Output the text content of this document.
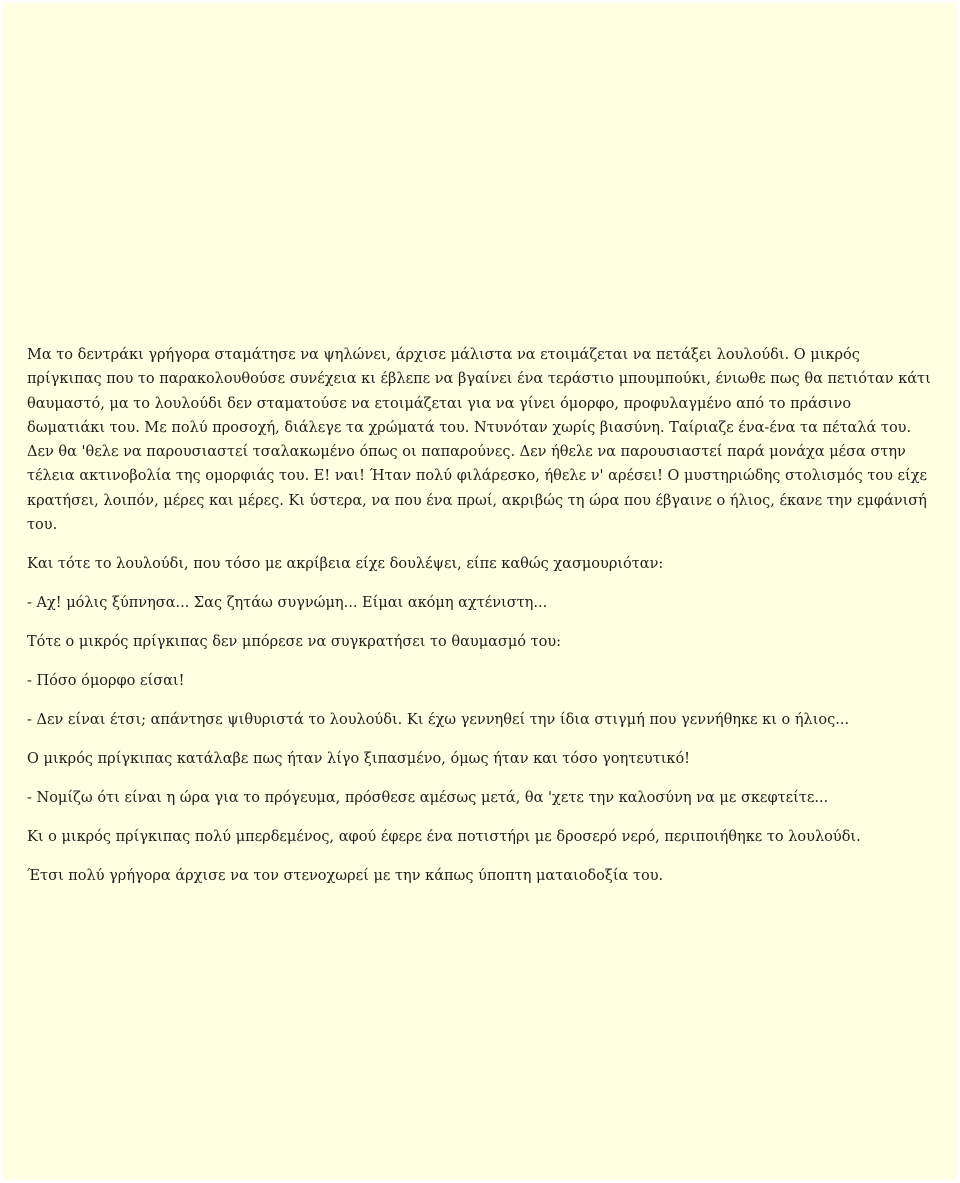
Μα το δεντράκι γρήγορα σταμάτησε να ψηλώνει, άρχισε μάλιστα να ετοιμάζεται να πετάξει λουλούδι. Ο μικρός πρίγκιπας που το παρακολουθούσε συνέχεια κι έβλεπε να βγαίνει ένα τεράστιο μπουμπούκι, ένιωθε πως θα πετιόταν κάτι θαυμαστό, μα το λουλούδι δεν σταματούσε να ετοιμάζεται για να γίνει όμορφο, προφυλαγμένο από το πράσινο δωματιάκι του. Με πολύ προσοχή, διάλεγε τα χρώματά του. Ντυνόταν χωρίς βιασύνη. Ταίριαζε ένα-ένα τα πέταλά του. Δεν θα 'θελε να παρουσιαστεί τσαλακωμένο όπως οι παπαρούνες. Δεν ήθελε να παρουσιαστεί παρά μονάχα μέσα στην τέλεια ακτινοβολία της ομορφιάς του. Ε! ναι! Ήταν πολύ φιλάρεσκο, ήθελε ν' αρέσει! Ο μυστηριώδης στολισμός του είχε κρατήσει, λοιπόν, μέρες και μέρες. Κι ύστερα, να που ένα πρωί, ακριβώς τη ώρα που έβγαινε ο ήλιος, έκανε την εμφάνισή του.

Και τότε το λουλούδι, που τόσο με ακρίβεια είχε δουλέψει, είπε καθώς χασμουριόταν:

- Αχ! μόλις ξύπνησα... Σας ζητάω συγνώμη... Είμαι ακόμη αχτένιστη...

Τότε ο μικρός πρίγκιπας δεν μπόρεσε να συγκρατήσει το θαυμασμό του:

- Πόσο όμορφο είσαι!

- Δεν είναι έτσι; απάντησε ψιθυριστά το λουλούδι. Κι έχω γεννηθεί την ίδια στιγμή που γεννήθηκε κι ο ήλιος...

Ο μικρός πρίγκιπας κατάλαβε πως ήταν λίγο ξιπασμένο, όμως ήταν και τόσο γοητευτικό!

- Νομίζω ότι είναι η ώρα για το πρόγευμα, πρόσθεσε αμέσως μετά, θα 'χετε την καλοσύνη να με σκεφτείτε...

Κι ο μικρός πρίγκιπας πολύ μπερδεμένος, αφού έφερε ένα ποτιστήρι με δροσερό νερό, περιποιήθηκε το λουλούδι.

Έτσι πολύ γρήγορα άρχισε να τον στενοχωρεί με την κάπως ύποπτη ματαιοδοξία του.
